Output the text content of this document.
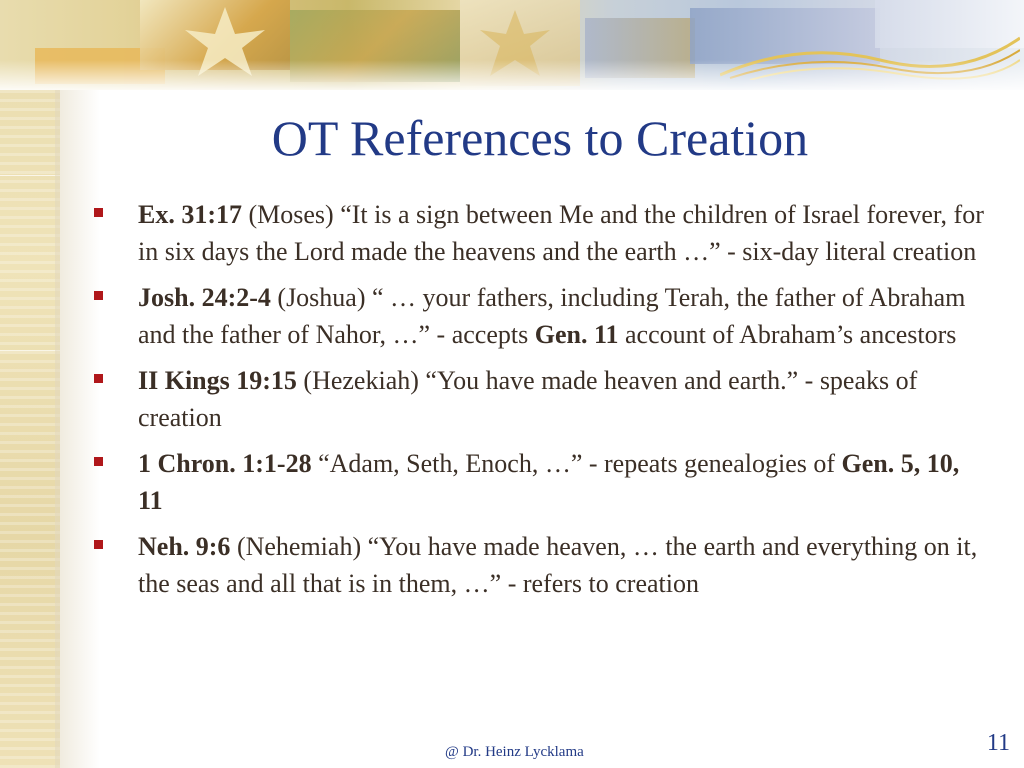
OT References to Creation
Ex. 31:17 (Moses) “It is a sign between Me and the children of Israel forever, for in six days the Lord made the heavens and the earth …” - six-day literal creation
Josh. 24:2-4 (Joshua) “ … your fathers, including Terah, the father of Abraham and the father of Nahor, …” - accepts Gen. 11 account of Abraham’s ancestors
II Kings 19:15 (Hezekiah) “You have made heaven and earth.” - speaks of creation
1 Chron. 1:1-28 “Adam, Seth, Enoch, …” - repeats genealogies of Gen. 5, 10, 11
Neh. 9:6 (Nehemiah) “You have made heaven, … the earth and everything on it, the seas and all that is in them, …” - refers to creation
@ Dr. Heinz Lycklama	11
